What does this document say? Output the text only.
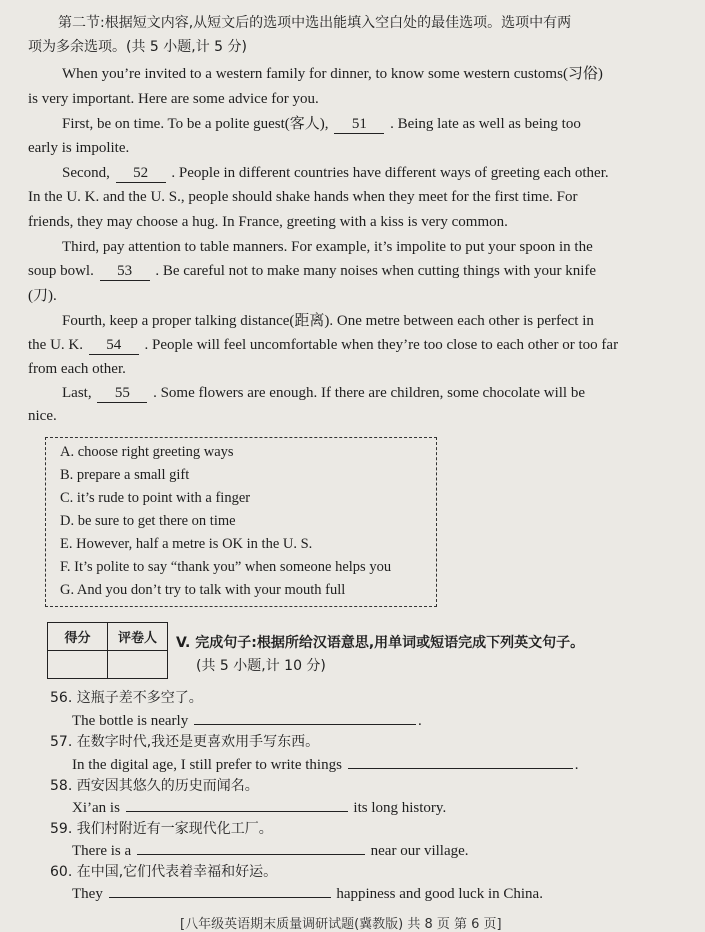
第二节:根据短文内容,从短文后的选项中选出能填入空白处的最佳选项。选项中有两
项为多余选项。(共 5 小题,计 5 分)
When you’re invited to a western family for dinner, to know some western customs(习俗)
is very important. Here are some advice for you.
First, be on time. To be a polite guest(客人), 51 . Being late as well as being too
early is impolite.
Second, 52 . People in different countries have different ways of greeting each other.
In the U. K. and the U. S., people should shake hands when they meet for the first time. For
friends, they may choose a hug. In France, greeting with a kiss is very common.
Third, pay attention to table manners. For example, it’s impolite to put your spoon in the
soup bowl. 53 . Be careful not to make many noises when cutting things with your knife
(刀).
Fourth, keep a proper talking distance(距离). One metre between each other is perfect in
the U. K. 54 . People will feel uncomfortable when they’re too close to each other or too far
from each other.
Last, 55 . Some flowers are enough. If there are children, some chocolate will be
nice.
A. choose right greeting ways
B. prepare a small gift
C. it’s rude to point with a finger
D. be sure to get there on time
E. However, half a metre is OK in the U. S.
F. It’s polite to say “thank you” when someone helps you
G. And you don’t try to talk with your mouth full
得分	评卷人
	V. 完成句子:根据所给汉语意思,用单词或短语完成下列英文句子。
(共 5 小题,计 10 分)
56. 这瓶子差不多空了。
The bottle is nearly	.
57. 在数字时代,我还是更喜欢用手写东西。
In the digital age, I still prefer to write things	.
58. 西安因其悠久的历史而闻名。
Xi’an is	its long history.
59. 我们村附近有一家现代化工厂。
There is a	near our village.
60. 在中国,它们代表着幸福和好运。
They	happiness and good luck in China.
[八年级英语期末质量调研试题(冀教版) 共 8 页 第 6 页]
